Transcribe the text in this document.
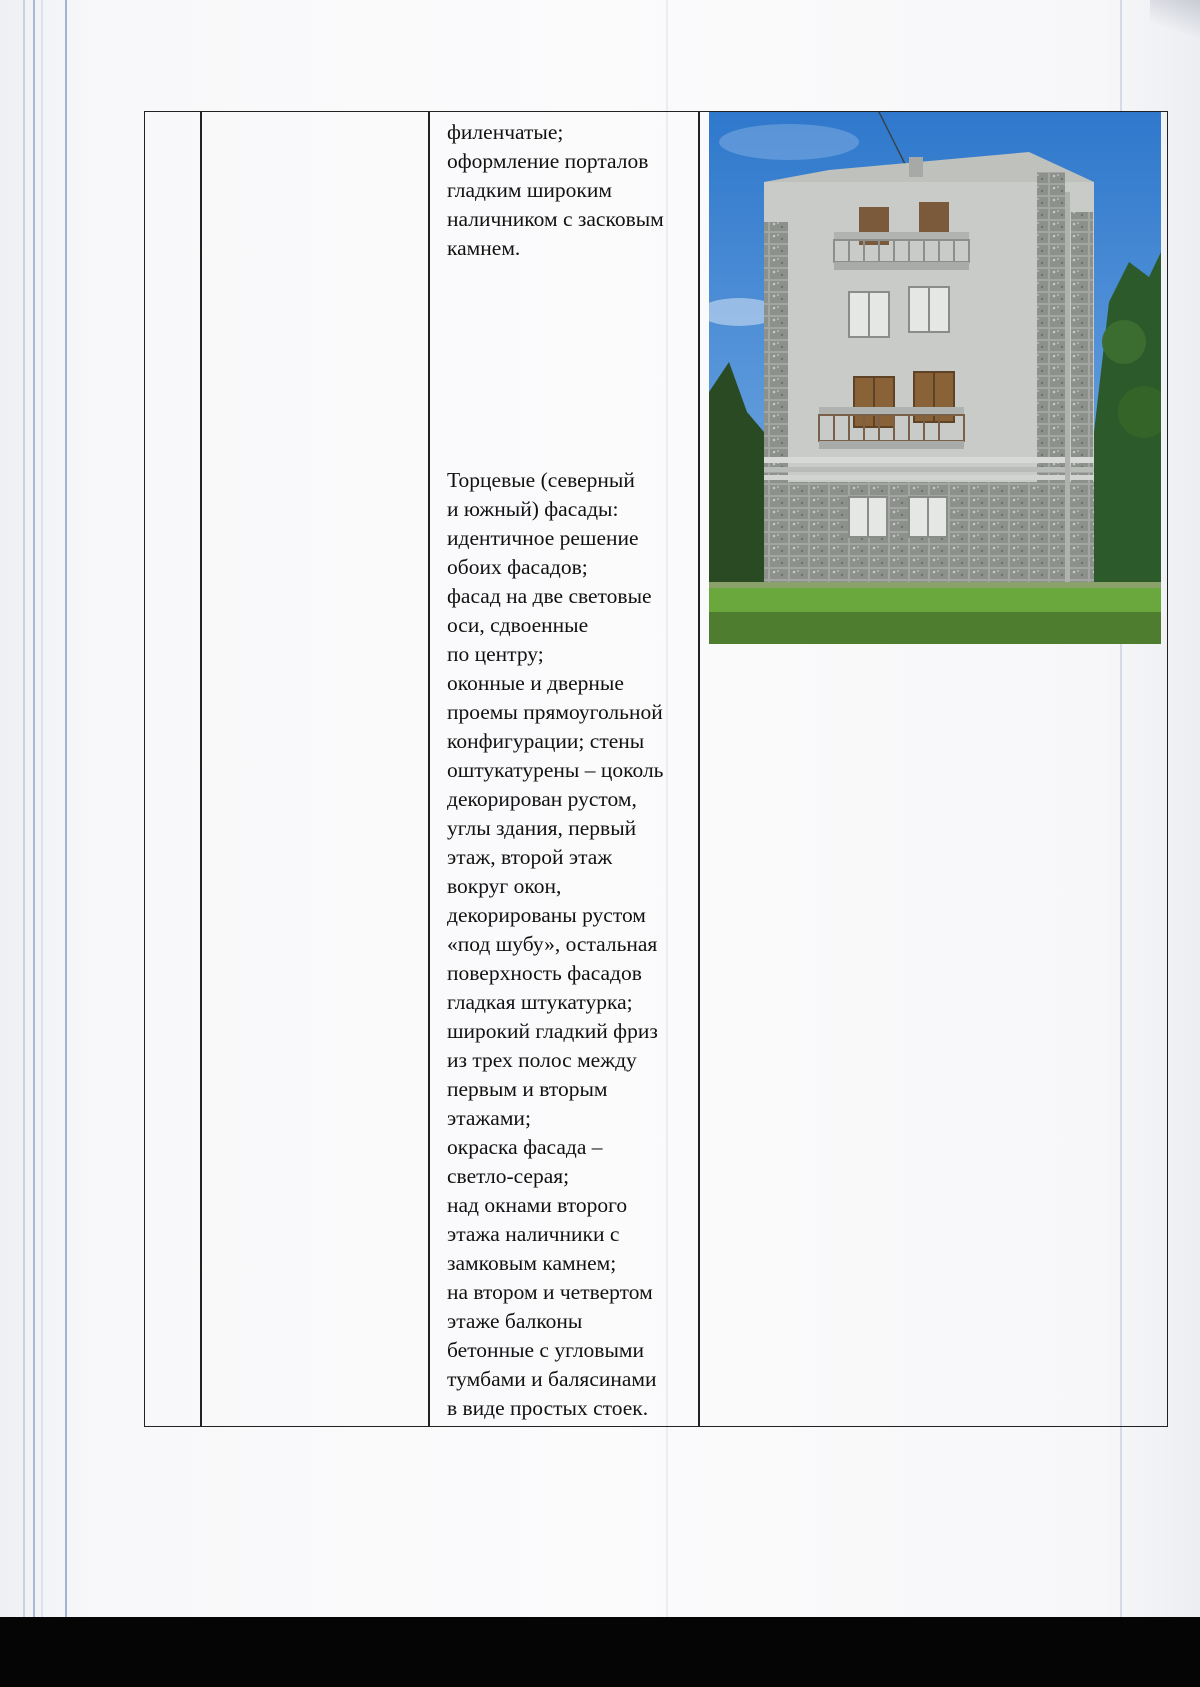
филенчатые;
оформление порталов
гладким широким
наличником с засковым
камнем.
Торцевые (северный
и южный) фасады:
идентичное решение
обоих фасадов;
фасад на две световые
оси, сдвоенные
по центру;
оконные и дверные
проемы прямоугольной
конфигурации; стены
оштукатурены – цоколь
декорирован рустом,
углы здания, первый
этаж, второй этаж
вокруг окон,
декорированы рустом
«под шубу», остальная
поверхность фасадов
гладкая штукатурка;
широкий гладкий фриз
из трех полос между
первым и вторым
этажами;
окраска фасада –
светло-серая;
над окнами второго
этажа наличники с
замковым камнем;
на втором и четвертом
этаже балконы
бетонные с угловыми
тумбами и балясинами
в виде простых стоек.
